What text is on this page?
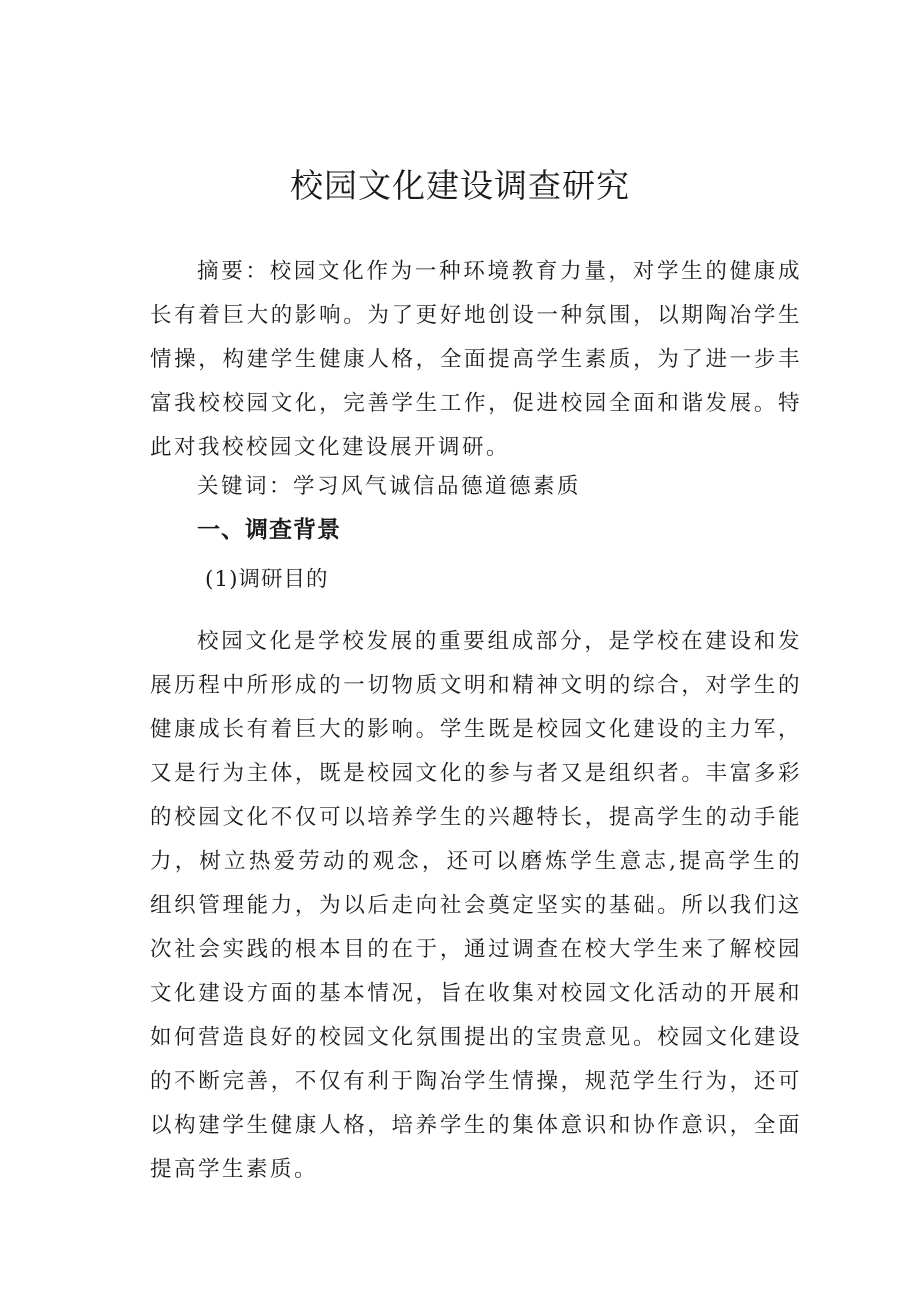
校园文化建设调查研究

摘要：校园文化作为一种环境教育力量，对学生的健康成长有着巨大的影响。为了更好地创设一种氛围，以期陶冶学生情操，构建学生健康人格，全面提高学生素质，为了进一步丰富我校校园文化，完善学生工作，促进校园全面和谐发展。特此对我校校园文化建设展开调研。

关键词：学习风气诚信品德道德素质
一、调查背景
(1)调研目的

校园文化是学校发展的重要组成部分，是学校在建设和发展历程中所形成的一切物质文明和精神文明的综合，对学生的健康成长有着巨大的影响。学生既是校园文化建设的主力军，又是行为主体，既是校园文化的参与者又是组织者。丰富多彩的校园文化不仅可以培养学生的兴趣特长，提高学生的动手能力，树立热爱劳动的观念，还可以磨炼学生意志,提高学生的组织管理能力，为以后走向社会奠定坚实的基础。所以我们这次社会实践的根本目的在于，通过调查在校大学生来了解校园文化建设方面的基本情况，旨在收集对校园文化活动的开展和如何营造良好的校园文化氛围提出的宝贵意见。校园文化建设的不断完善，不仅有利于陶冶学生情操，规范学生行为，还可以构建学生健康人格，培养学生的集体意识和协作意识，全面提高学生素质。
